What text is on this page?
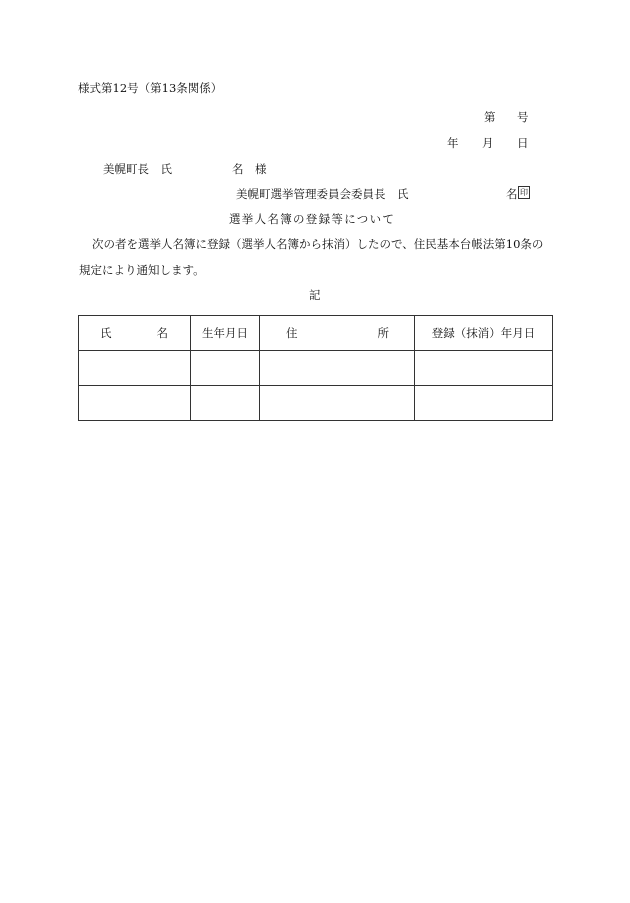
様式第12号（第13条関係）
第 号
年 月 日
美幌町長　氏	名　様
美幌町選挙管理委員会委員長　氏	名 印
選挙人名簿の登録等について
次の者を選挙人名簿に登録（選挙人名簿から抹消）したので、住民基本台帳法第10条の
規定により通知します。
記
氏 名	生年月日	住 所	登録（抹消）年月日
